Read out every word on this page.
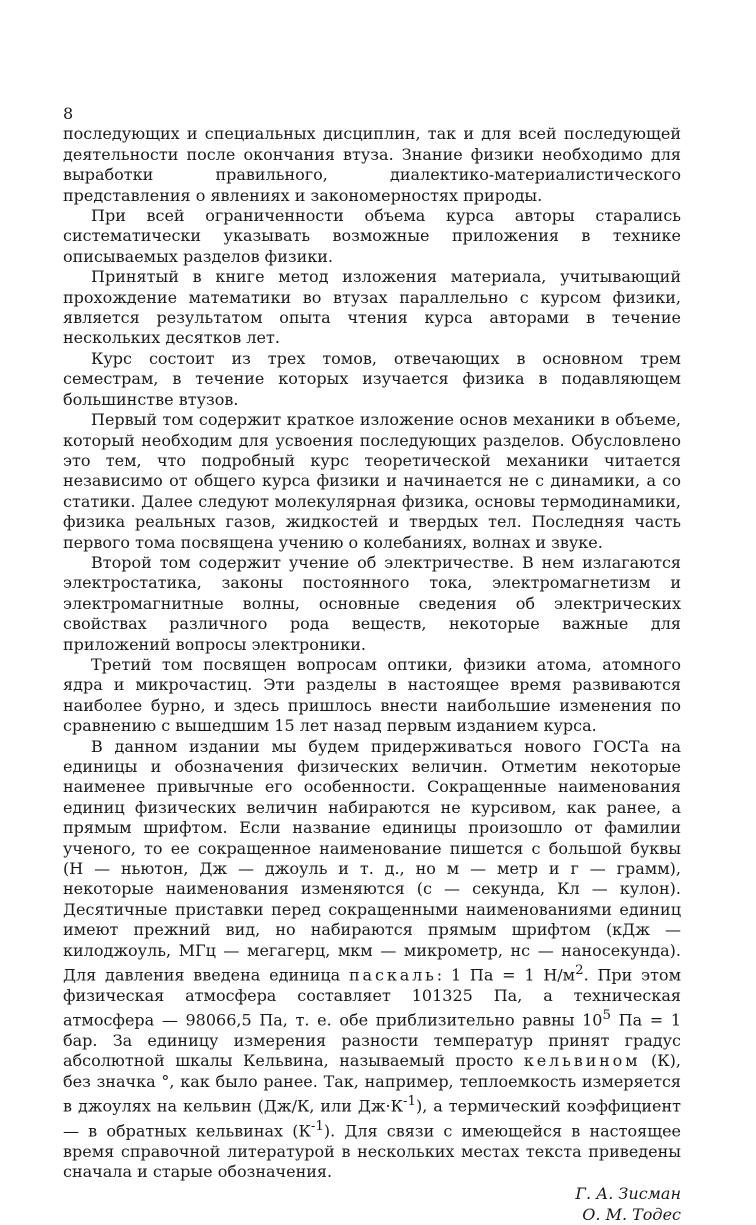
8

последующих и специальных дисциплин, так и для всей последующей деятельности после окончания втуза. Знание физики необходимо для выработки правильного, диалектико-материалистического представления о явлениях и закономерностях природы.

При всей ограниченности объема курса авторы старались систематически указывать возможные приложения в технике описываемых разделов физики.

Принятый в книге метод изложения материала, учитывающий прохождение математики во втузах параллельно с курсом физики, является результатом опыта чтения курса авторами в течение нескольких десятков лет.

Курс состоит из трех томов, отвечающих в основном трем семестрам, в течение которых изучается физика в подавляющем большинстве втузов.

Первый том содержит краткое изложение основ механики в объеме, который необходим для усвоения последующих разделов. Обусловлено это тем, что подробный курс теоретической механики читается независимо от общего курса физики и начинается не с динамики, а со статики. Далее следуют молекулярная физика, основы термодинамики, физика реальных газов, жидкостей и твердых тел. Последняя часть первого тома посвящена учению о колебаниях, волнах и звуке.

Второй том содержит учение об электричестве. В нем излагаются электростатика, законы постоянного тока, электромагнетизм и электромагнитные волны, основные сведения об электрических свойствах различного рода веществ, некоторые важные для приложений вопросы электроники.

Третий том посвящен вопросам оптики, физики атома, атомного ядра и микрочастиц. Эти разделы в настоящее время развиваются наиболее бурно, и здесь пришлось внести наибольшие изменения по сравнению с вышедшим 15 лет назад первым изданием курса.

В данном издании мы будем придерживаться нового ГОСТа на единицы и обозначения физических величин. Отметим некоторые наименее привычные его особенности. Сокращенные наименования единиц физических величин набираются не курсивом, как ранее, а прямым шрифтом. Если название единицы произошло от фамилии ученого, то ее сокращенное наименование пишется с большой буквы (Н — ньютон, Дж — джоуль и т. д., но м — метр и г — грамм), некоторые наименования изменяются (с — секунда, Кл — кулон). Десятичные приставки перед сокращенными наименованиями единиц имеют прежний вид, но набираются прямым шрифтом (кДж — килоджоуль, МГц — мегагерц, мкм — микрометр, нс — наносекунда). Для давления введена единица паскаль: 1 Па = 1 $Н/м^2$. При этом физическая атмосфера составляет 101325 Па, а техническая атмосфера — 98066,5 Па, т. е. обе приблизительно равны $10^5$ Па = 1 бар. За единицу измерения разности температур принят градус абсолютной шкалы Кельвина, называемый просто кельвином (К), без значка °, как было ранее. Так, например, теплоемкость измеряется в джоулях на кельвин (Дж/К, или $Дж\cdot К^{-1}$), а термический коэффициент — в обратных кельвинах $(К^{-1})$. Для связи с имеющейся в настоящее время справочной литературой в нескольких местах текста приведены сначала и старые обозначения.

Г. А. Зисман

О. М. Тодес
